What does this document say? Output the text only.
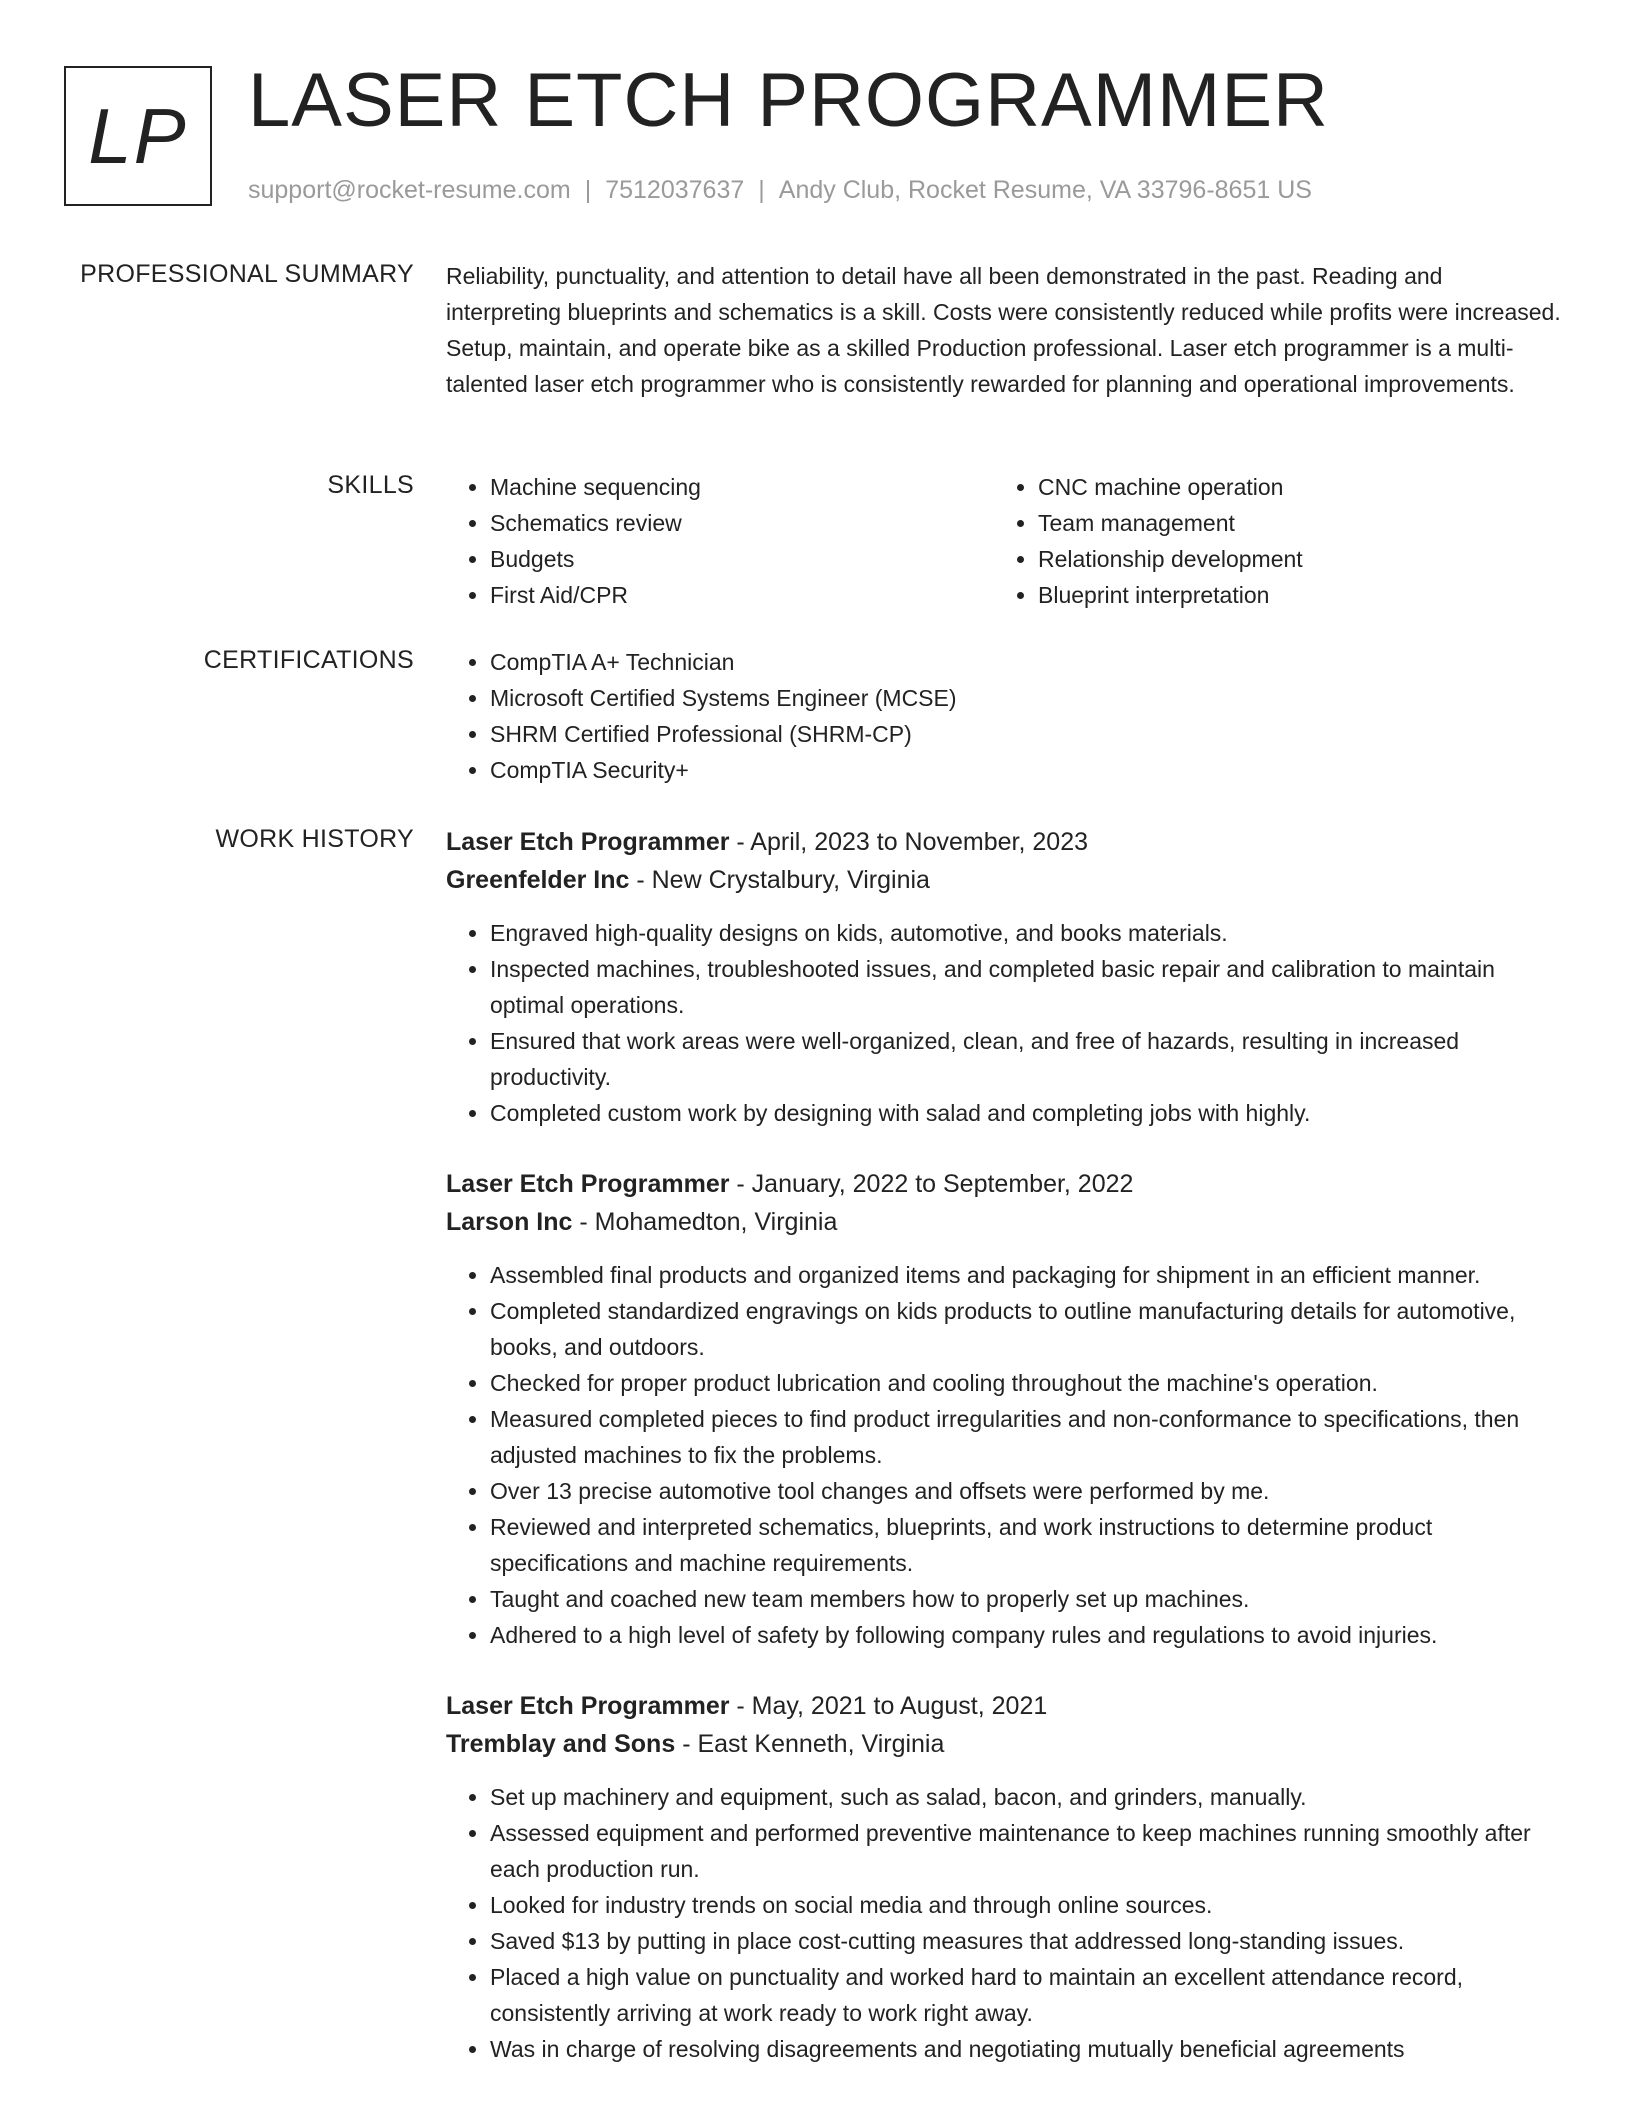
LP LASER ETCH PROGRAMMER
support@rocket-resume.com | 7512037637 | Andy Club, Rocket Resume, VA 33796-8651 US
PROFESSIONAL SUMMARY Reliability, punctuality, and attention to detail have all been demonstrated in the past. Reading and interpreting blueprints and schematics is a skill. Costs were consistently reduced while profits were increased. Setup, maintain, and operate bike as a skilled Production professional. Laser etch programmer is a multi-talented laser etch programmer who is consistently rewarded for planning and operational improvements.

SKILLS	• Machine sequencing
• Schematics review
• Budgets
• First Aid/CPR
• CNC machine operation
• Team management
• Relationship development
• Blueprint interpretation
CERTIFICATIONS	• CompTIA A+ Technician
• Microsoft Certified Systems Engineer (MCSE)
• SHRM Certified Professional (SHRM-CP)
• CompTIA Security+
WORK HISTORY Laser Etch Programmer - April, 2023 to November, 2023
Greenfelder Inc - New Crystalbury, Virginia
• Engraved high-quality designs on kids, automotive, and books materials.
• Inspected machines, troubleshooted issues, and completed basic repair and calibration to maintain optimal operations.
• Ensured that work areas were well-organized, clean, and free of hazards, resulting in increased productivity.
• Completed custom work by designing with salad and completing jobs with highly.
Laser Etch Programmer - January, 2022 to September, 2022
Larson Inc - Mohamedton, Virginia
• Assembled final products and organized items and packaging for shipment in an efficient manner.
• Completed standardized engravings on kids products to outline manufacturing details for automotive, books, and outdoors.
• Checked for proper product lubrication and cooling throughout the machine's operation.
• Measured completed pieces to find product irregularities and non-conformance to specifications, then adjusted machines to fix the problems.
• Over 13 precise automotive tool changes and offsets were performed by me.
• Reviewed and interpreted schematics, blueprints, and work instructions to determine product specifications and machine requirements.
• Taught and coached new team members how to properly set up machines.
• Adhered to a high level of safety by following company rules and regulations to avoid injuries.
Laser Etch Programmer - May, 2021 to August, 2021
Tremblay and Sons - East Kenneth, Virginia
• Set up machinery and equipment, such as salad, bacon, and grinders, manually.
• Assessed equipment and performed preventive maintenance to keep machines running smoothly after each production run.
• Looked for industry trends on social media and through online sources.
• Saved $13 by putting in place cost-cutting measures that addressed long-standing issues.
• Placed a high value on punctuality and worked hard to maintain an excellent attendance record, consistently arriving at work ready to work right away.
• Was in charge of resolving disagreements and negotiating mutually beneficial agreements
